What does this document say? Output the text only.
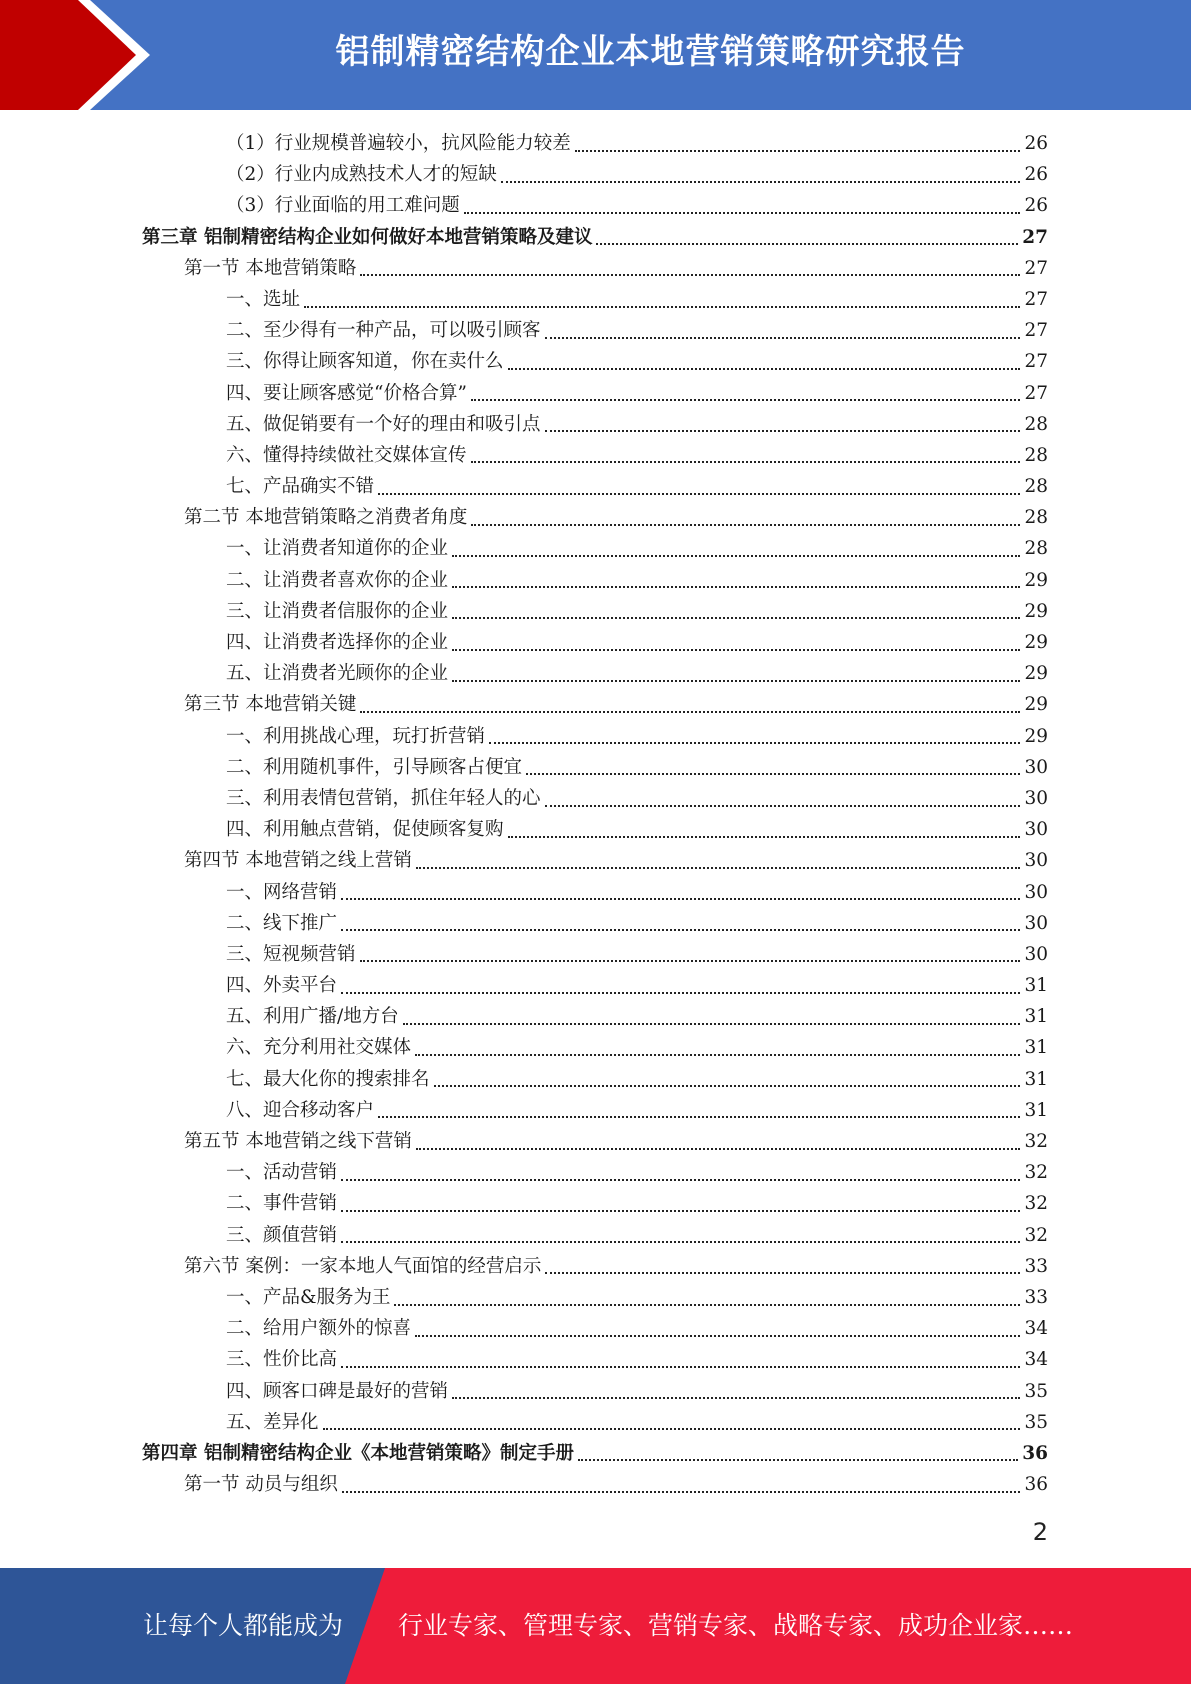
铝制精密结构企业本地营销策略研究报告
（1）行业规模普遍较小，抗风险能力较差	26
（2）行业内成熟技术人才的短缺	26
（3）行业面临的用工难问题	26
第三章 铝制精密结构企业如何做好本地营销策略及建议	27
第一节 本地营销策略	27
一、选址	27
二、至少得有一种产品，可以吸引顾客	27
三、你得让顾客知道，你在卖什么	27
四、要让顾客感觉“价格合算”	27
五、做促销要有一个好的理由和吸引点	28
六、懂得持续做社交媒体宣传	28
七、产品确实不错	28
第二节 本地营销策略之消费者角度	28
一、让消费者知道你的企业	28
二、让消费者喜欢你的企业	29
三、让消费者信服你的企业	29
四、让消费者选择你的企业	29
五、让消费者光顾你的企业	29
第三节 本地营销关键	29
一、利用挑战心理，玩打折营销	29
二、利用随机事件，引导顾客占便宜	30
三、利用表情包营销，抓住年轻人的心	30
四、利用触点营销，促使顾客复购	30
第四节 本地营销之线上营销	30
一、网络营销	30
二、线下推广	30
三、短视频营销	30
四、外卖平台	31
五、利用广播/地方台	31
六、充分利用社交媒体	31
七、最大化你的搜索排名	31
八、迎合移动客户	31
第五节 本地营销之线下营销	32
一、活动营销	32
二、事件营销	32
三、颜值营销	32
第六节 案例：一家本地人气面馆的经营启示	33
一、产品&服务为王	33
二、给用户额外的惊喜	34
三、性价比高	34
四、顾客口碑是最好的营销	35
五、差异化	35
第四章 铝制精密结构企业《本地营销策略》制定手册	36
第一节 动员与组织	36
2
让每个人都能成为 行业专家、管理专家、营销专家、战略专家、成功企业家……
